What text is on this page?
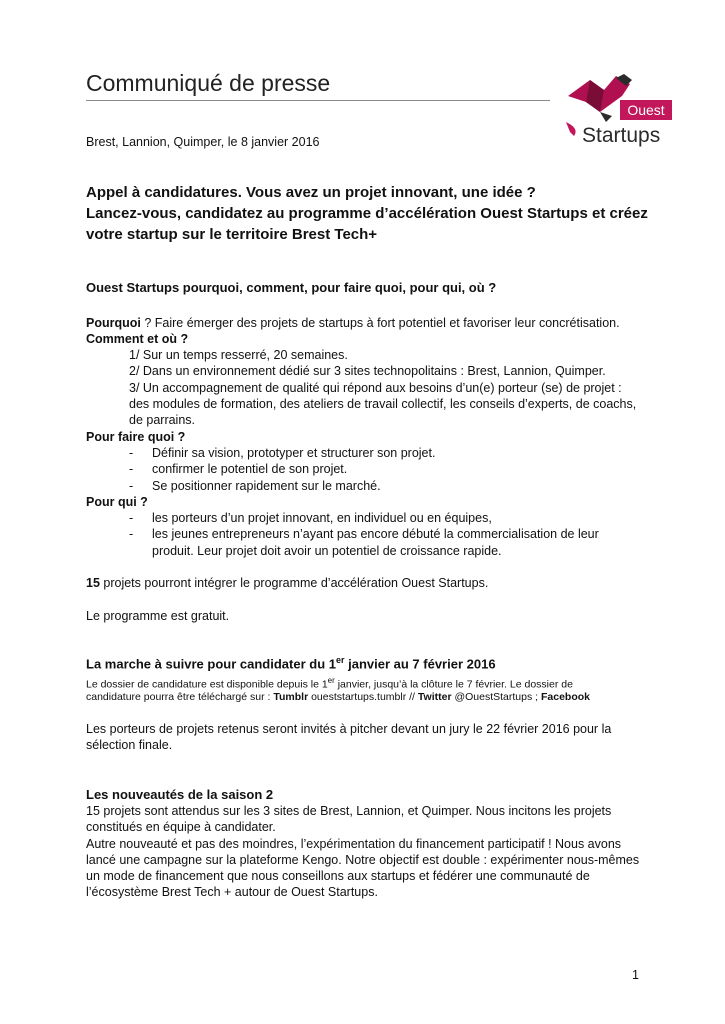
Communiqué de presse
Ouest
Startups
Brest, Lannion, Quimper, le 8 janvier 2016
Appel à candidatures. Vous avez un projet innovant, une idée ?
Lancez-vous, candidatez au programme d’accélération Ouest Startups et créez
votre startup sur le territoire Brest Tech+
Ouest Startups pourquoi, comment, pour faire quoi, pour qui, où ?
Pourquoi ? Faire émerger des projets de startups à fort potentiel et favoriser leur concrétisation.
Comment et où ?
1/ Sur un temps resserré, 20 semaines.
2/ Dans un environnement dédié sur 3 sites technopolitains : Brest, Lannion, Quimper.
3/ Un accompagnement de qualité qui répond aux besoins d’un(e) porteur (se) de projet :
des modules de formation, des ateliers de travail collectif, les conseils d’experts, de coachs,
de parrains.
Pour faire quoi ?
- Définir sa vision, prototyper et structurer son projet.
- confirmer le potentiel de son projet.
- Se positionner rapidement sur le marché.
Pour qui ?
- les porteurs d’un projet innovant, en individuel ou en équipes,
- les jeunes entrepreneurs n’ayant pas encore débuté la commercialisation de leur
produit. Leur projet doit avoir un potentiel de croissance rapide.
15 projets pourront intégrer le programme d’accélération Ouest Startups.
Le programme est gratuit.
La marche à suivre pour candidater du 1er janvier au 7 février 2016
Le dossier de candidature est disponible depuis le 1er janvier, jusqu’à la clôture le 7 février. Le dossier de
candidature pourra être téléchargé sur : Tumblr oueststartups.tumblr // Twitter @OuestStartups ; Facebook
Les porteurs de projets retenus seront invités à pitcher devant un jury le 22 février 2016 pour la
sélection finale.
Les nouveautés de la saison 2
15 projets sont attendus sur les 3 sites de Brest, Lannion, et Quimper. Nous incitons les projets
constitués en équipe à candidater.
Autre nouveauté et pas des moindres, l’expérimentation du financement participatif ! Nous avons
lancé une campagne sur la plateforme Kengo. Notre objectif est double : expérimenter nous-mêmes
un mode de financement que nous conseillons aux startups et fédérer une communauté de
l’écosystème Brest Tech + autour de Ouest Startups.
1
